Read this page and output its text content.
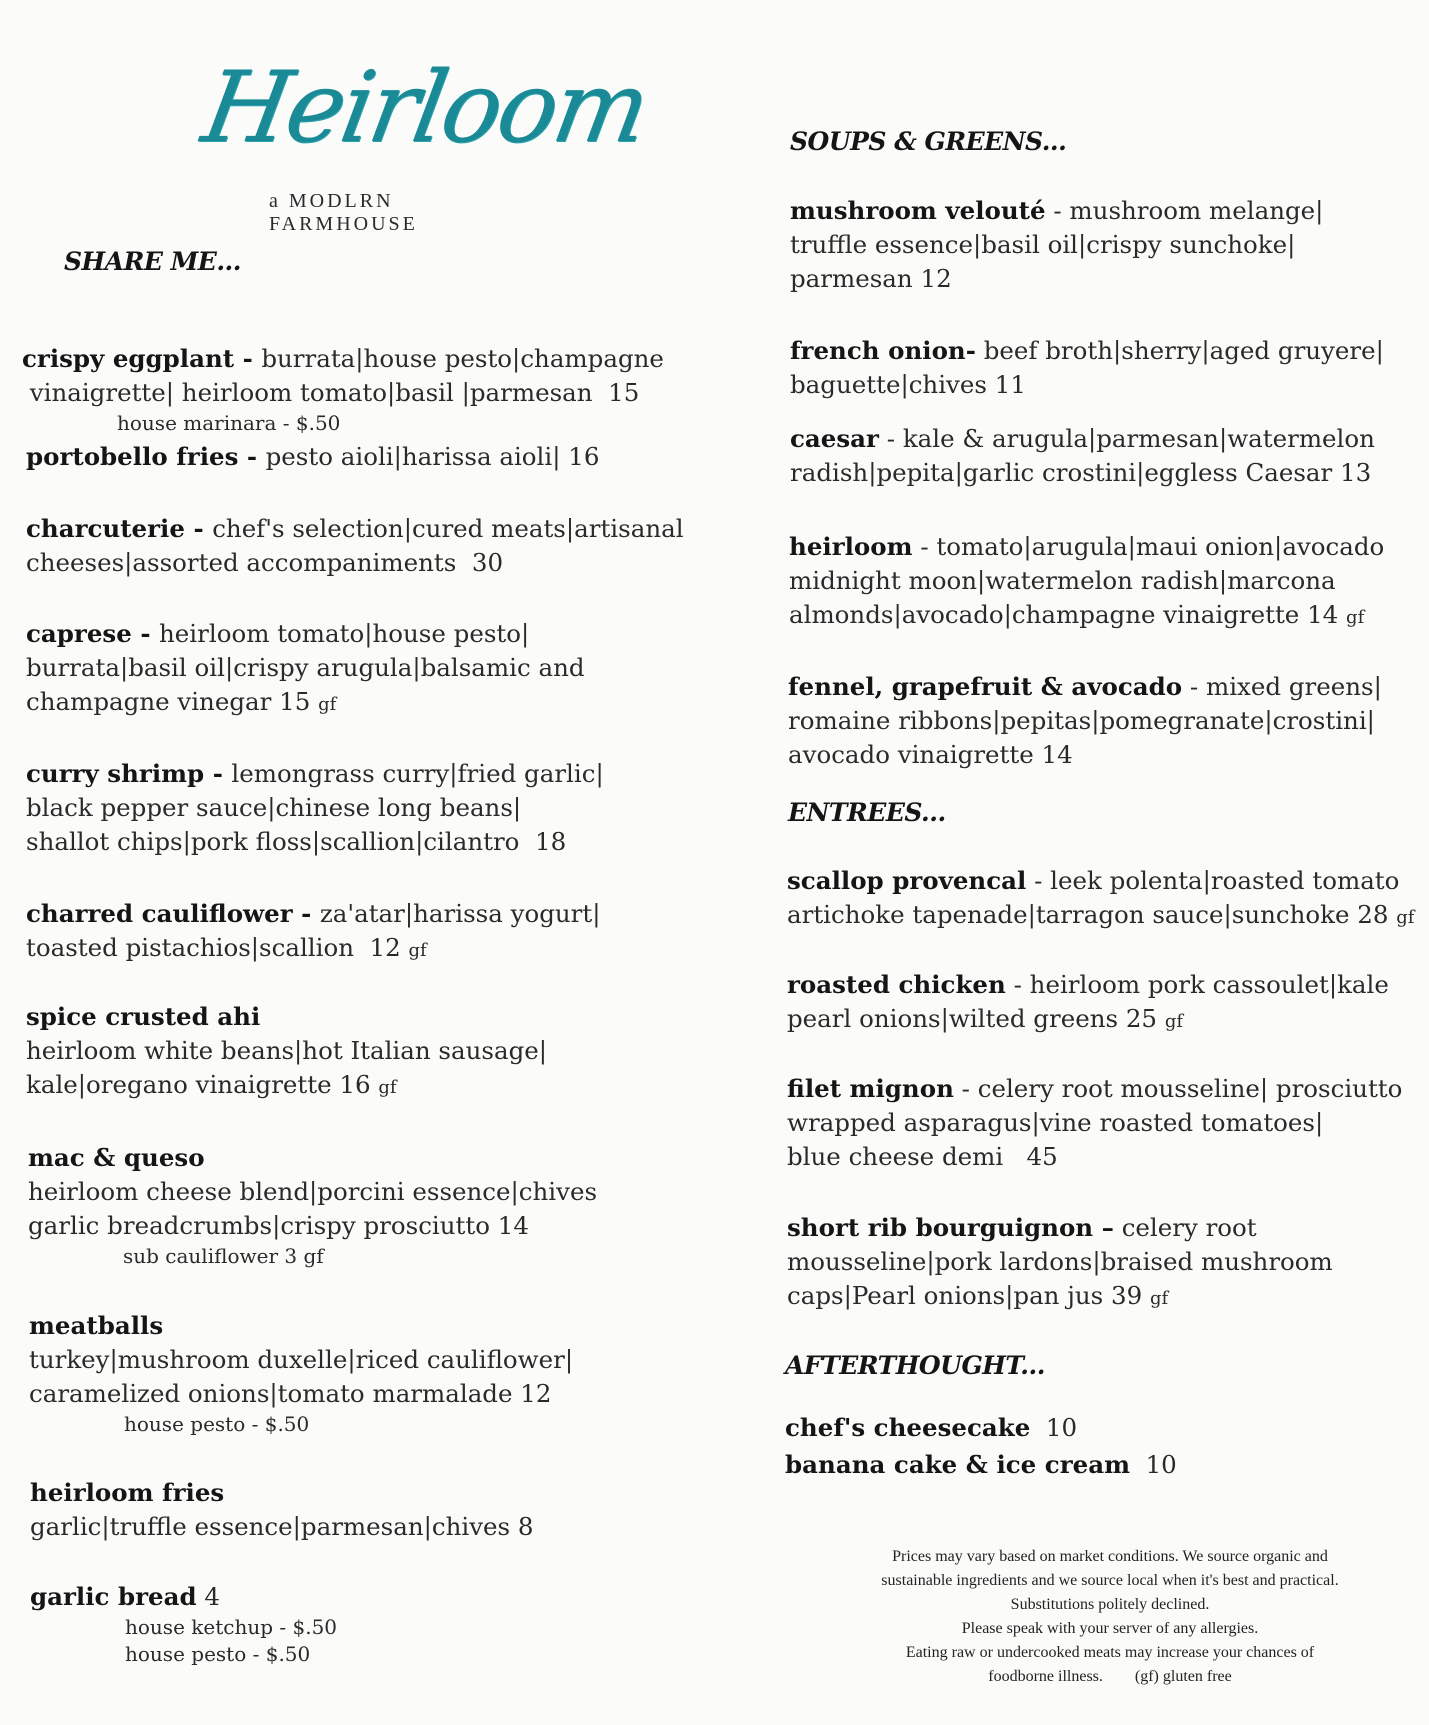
Heirloom
a MODLRN FARMHOUSE
SHARE ME...
crispy eggplant - burrata|house pesto|champagne
vinaigrette| heirloom tomato|basil |parmesan  15
house marinara - $.50
portobello fries - pesto aioli|harissa aioli| 16
charcuterie - chef's selection|cured meats|artisanal
cheeses|assorted accompaniments  30
caprese - heirloom tomato|house pesto|
burrata|basil oil|crispy arugula|balsamic and
champagne vinegar 15 gf
curry shrimp - lemongrass curry|fried garlic|
black pepper sauce|chinese long beans|
shallot chips|pork floss|scallion|cilantro  18
charred cauliflower - za'atar|harissa yogurt|
toasted pistachios|scallion  12 gf
spice crusted ahi
heirloom white beans|hot Italian sausage|
kale|oregano vinaigrette 16 gf
mac & queso
heirloom cheese blend|porcini essence|chives
garlic breadcrumbs|crispy prosciutto 14
sub cauliflower 3 gf
meatballs
turkey|mushroom duxelle|riced cauliflower|
caramelized onions|tomato marmalade 12
house pesto - $.50
heirloom fries
garlic|truffle essence|parmesan|chives 8
garlic bread 4
house ketchup - $.50
house pesto - $.50
SOUPS & GREENS...
mushroom velouté - mushroom melange|
truffle essence|basil oil|crispy sunchoke|
parmesan 12
french onion- beef broth|sherry|aged gruyere|
baguette|chives 11
caesar - kale & arugula|parmesan|watermelon
radish|pepita|garlic crostini|eggless Caesar 13
heirloom - tomato|arugula|maui onion|avocado
midnight moon|watermelon radish|marcona
almonds|avocado|champagne vinaigrette 14 gf
fennel, grapefruit & avocado - mixed greens|
romaine ribbons|pepitas|pomegranate|crostini|
avocado vinaigrette 14
ENTREES...
scallop provencal - leek polenta|roasted tomato
artichoke tapenade|tarragon sauce|sunchoke 28 gf
roasted chicken - heirloom pork cassoulet|kale
pearl onions|wilted greens 25 gf
filet mignon - celery root mousseline| prosciutto
wrapped asparagus|vine roasted tomatoes|
blue cheese demi   45
short rib bourguignon – celery root
mousseline|pork lardons|braised mushroom
caps|Pearl onions|pan jus 39 gf
AFTERTHOUGHT...
chef's cheesecake 10
banana cake & ice cream 10
Prices may vary based on market conditions. We source organic and
sustainable ingredients and we source local when it's best and practical.
Substitutions politely declined.
Please speak with your server of any allergies.
Eating raw or undercooked meats may increase your chances of
foodborne illness.        (gf) gluten free
